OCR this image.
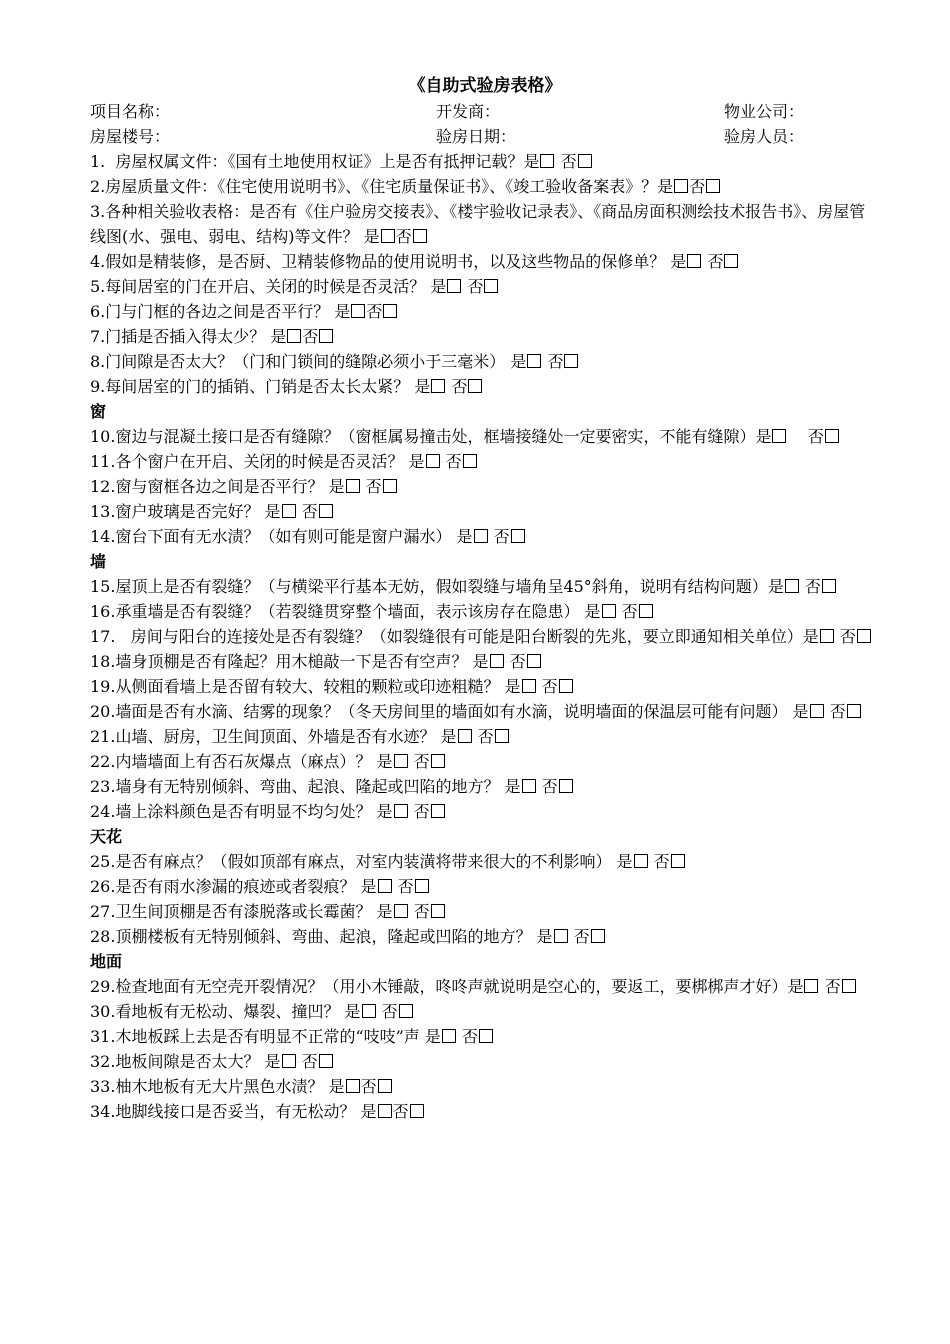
《自助式验房表格》
项目名称：	开发商：	物业公司：
房屋楼号：	验房日期：	验房人员：
1.  房屋权属文件：《国有土地使用权证》上是否有抵押记载？是 否
2.房屋质量文件：《住宅使用说明书》、《住宅质量保证书》、《竣工验收备案表》？是 否
3.各种相关验收表格：是否有《住户验房交接表》、《楼宇验收记录表》、《商品房面积测绘技术报告书》、房屋管线图(水、强电、弱电、结构)等文件？ 是 否
4.假如是精装修，是否厨、卫精装修物品的使用说明书，以及这些物品的保修单？ 是 否
5.每间居室的门在开启、关闭的时候是否灵活？ 是 否
6.门与门框的各边之间是否平行？ 是 否
7.门插是否插入得太少？ 是 否
8.门间隙是否太大？（门和门锁间的缝隙必须小于三毫米） 是 否
9.每间居室的门的插销、门销是否太长太紧？ 是 否
窗
10.窗边与混凝土接口是否有缝隙？（窗框属易撞击处，框墙接缝处一定要密实，不能有缝隙）是 否
11.各个窗户在开启、关闭的时候是否灵活？ 是 否
12.窗与窗框各边之间是否平行？ 是 否
13.窗户玻璃是否完好？ 是 否
14.窗台下面有无水渍？（如有则可能是窗户漏水） 是 否
墙
15.屋顶上是否有裂缝？（与横梁平行基本无妨，假如裂缝与墙角呈45°斜角，说明有结构问题）是 否
16.承重墙是否有裂缝？（若裂缝贯穿整个墙面，表示该房存在隐患） 是 否
17.   房间与阳台的连接处是否有裂缝？（如裂缝很有可能是阳台断裂的先兆，要立即通知相关单位）是 否
18.墙身顶棚是否有隆起？用木槌敲一下是否有空声？ 是 否
19.从侧面看墙上是否留有较大、较粗的颗粒或印迹粗糙？ 是 否
20.墙面是否有水滴、结雾的现象？（冬天房间里的墙面如有水滴，说明墙面的保温层可能有问题） 是 否
21.山墙、厨房，卫生间顶面、外墙是否有水迹？ 是 否
22.内墙墙面上有否石灰爆点（麻点）？ 是 否
23.墙身有无特别倾斜、弯曲、起浪、隆起或凹陷的地方？ 是 否
24.墙上涂料颜色是否有明显不均匀处？ 是 否
天花
25.是否有麻点？（假如顶部有麻点，对室内装潢将带来很大的不利影响） 是 否
26.是否有雨水渗漏的痕迹或者裂痕？ 是 否
27.卫生间顶棚是否有漆脱落或长霉菌？ 是 否
28.顶棚楼板有无特别倾斜、弯曲、起浪，隆起或凹陷的地方？ 是 否
地面
29.检查地面有无空壳开裂情况？（用小木锤敲，咚咚声就说明是空心的，要返工，要梆梆声才好）是 否
30.看地板有无松动、爆裂、撞凹？ 是 否
31.木地板踩上去是否有明显不正常的“吱吱”声 是 否
32.地板间隙是否太大？ 是 否
33.柚木地板有无大片黑色水渍？ 是 否
34.地脚线接口是否妥当，有无松动？ 是 否
